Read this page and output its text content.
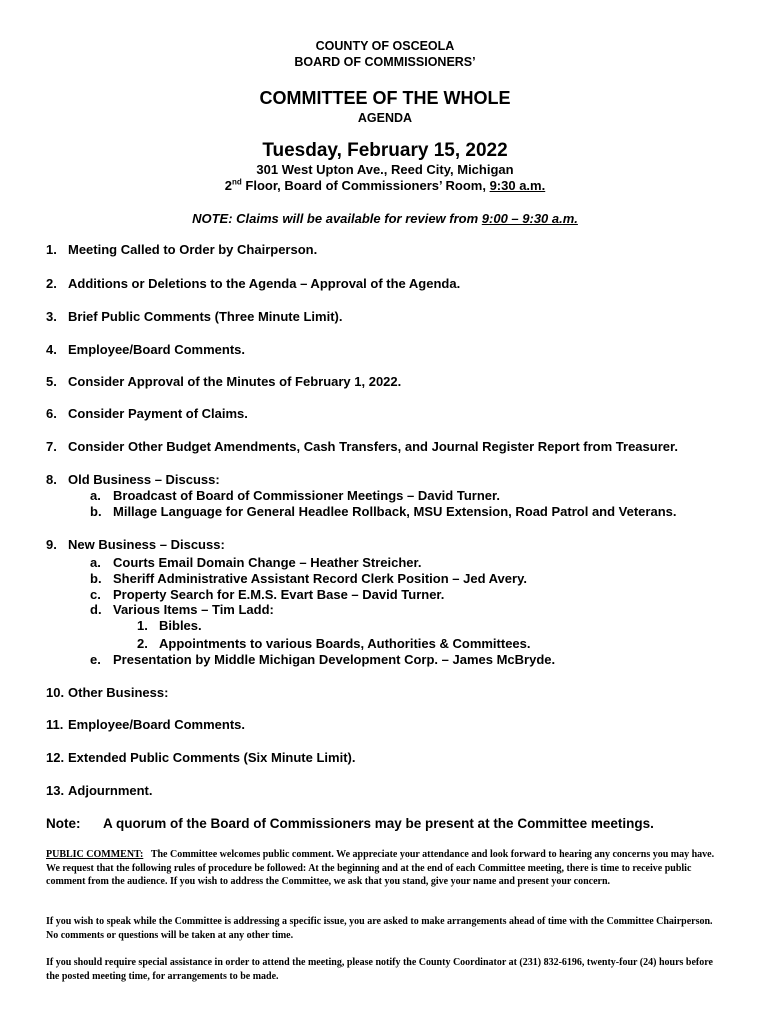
COUNTY OF OSCEOLA
BOARD OF COMMISSIONERS’
COMMITTEE OF THE WHOLE
AGENDA
Tuesday, February 15, 2022
301 West Upton Ave., Reed City, Michigan
2nd Floor, Board of Commissioners’ Room, 9:30 a.m.
NOTE: Claims will be available for review from 9:00 – 9:30 a.m.
1. Meeting Called to Order by Chairperson.
2. Additions or Deletions to the Agenda – Approval of the Agenda.
3. Brief Public Comments (Three Minute Limit).
4. Employee/Board Comments.
5. Consider Approval of the Minutes of February 1, 2022.
6. Consider Payment of Claims.
7. Consider Other Budget Amendments, Cash Transfers, and Journal Register Report from Treasurer.
8. Old Business – Discuss:
a. Broadcast of Board of Commissioner Meetings – David Turner.
b. Millage Language for General Headlee Rollback, MSU Extension, Road Patrol and Veterans.
9. New Business – Discuss:
a. Courts Email Domain Change – Heather Streicher.
b. Sheriff Administrative Assistant Record Clerk Position – Jed Avery.
c. Property Search for E.M.S. Evart Base – David Turner.
d. Various Items – Tim Ladd:
1. Bibles.
2. Appointments to various Boards, Authorities & Committees.
e. Presentation by Middle Michigan Development Corp. – James McBryde.
10. Other Business:
11. Employee/Board Comments.
12. Extended Public Comments (Six Minute Limit).
13. Adjournment.
Note: A quorum of the Board of Commissioners may be present at the Committee meetings.
PUBLIC COMMENT: The Committee welcomes public comment. We appreciate your attendance and look forward to hearing any concerns you may have. We request that the following rules of procedure be followed: At the beginning and at the end of each Committee meeting, there is time to receive public comment from the audience. If you wish to address the Committee, we ask that you stand, give your name and present your concern.
If you wish to speak while the Committee is addressing a specific issue, you are asked to make arrangements ahead of time with the Committee Chairperson. No comments or questions will be taken at any other time.
If you should require special assistance in order to attend the meeting, please notify the County Coordinator at (231) 832-6196, twenty-four (24) hours before the posted meeting time, for arrangements to be made.
